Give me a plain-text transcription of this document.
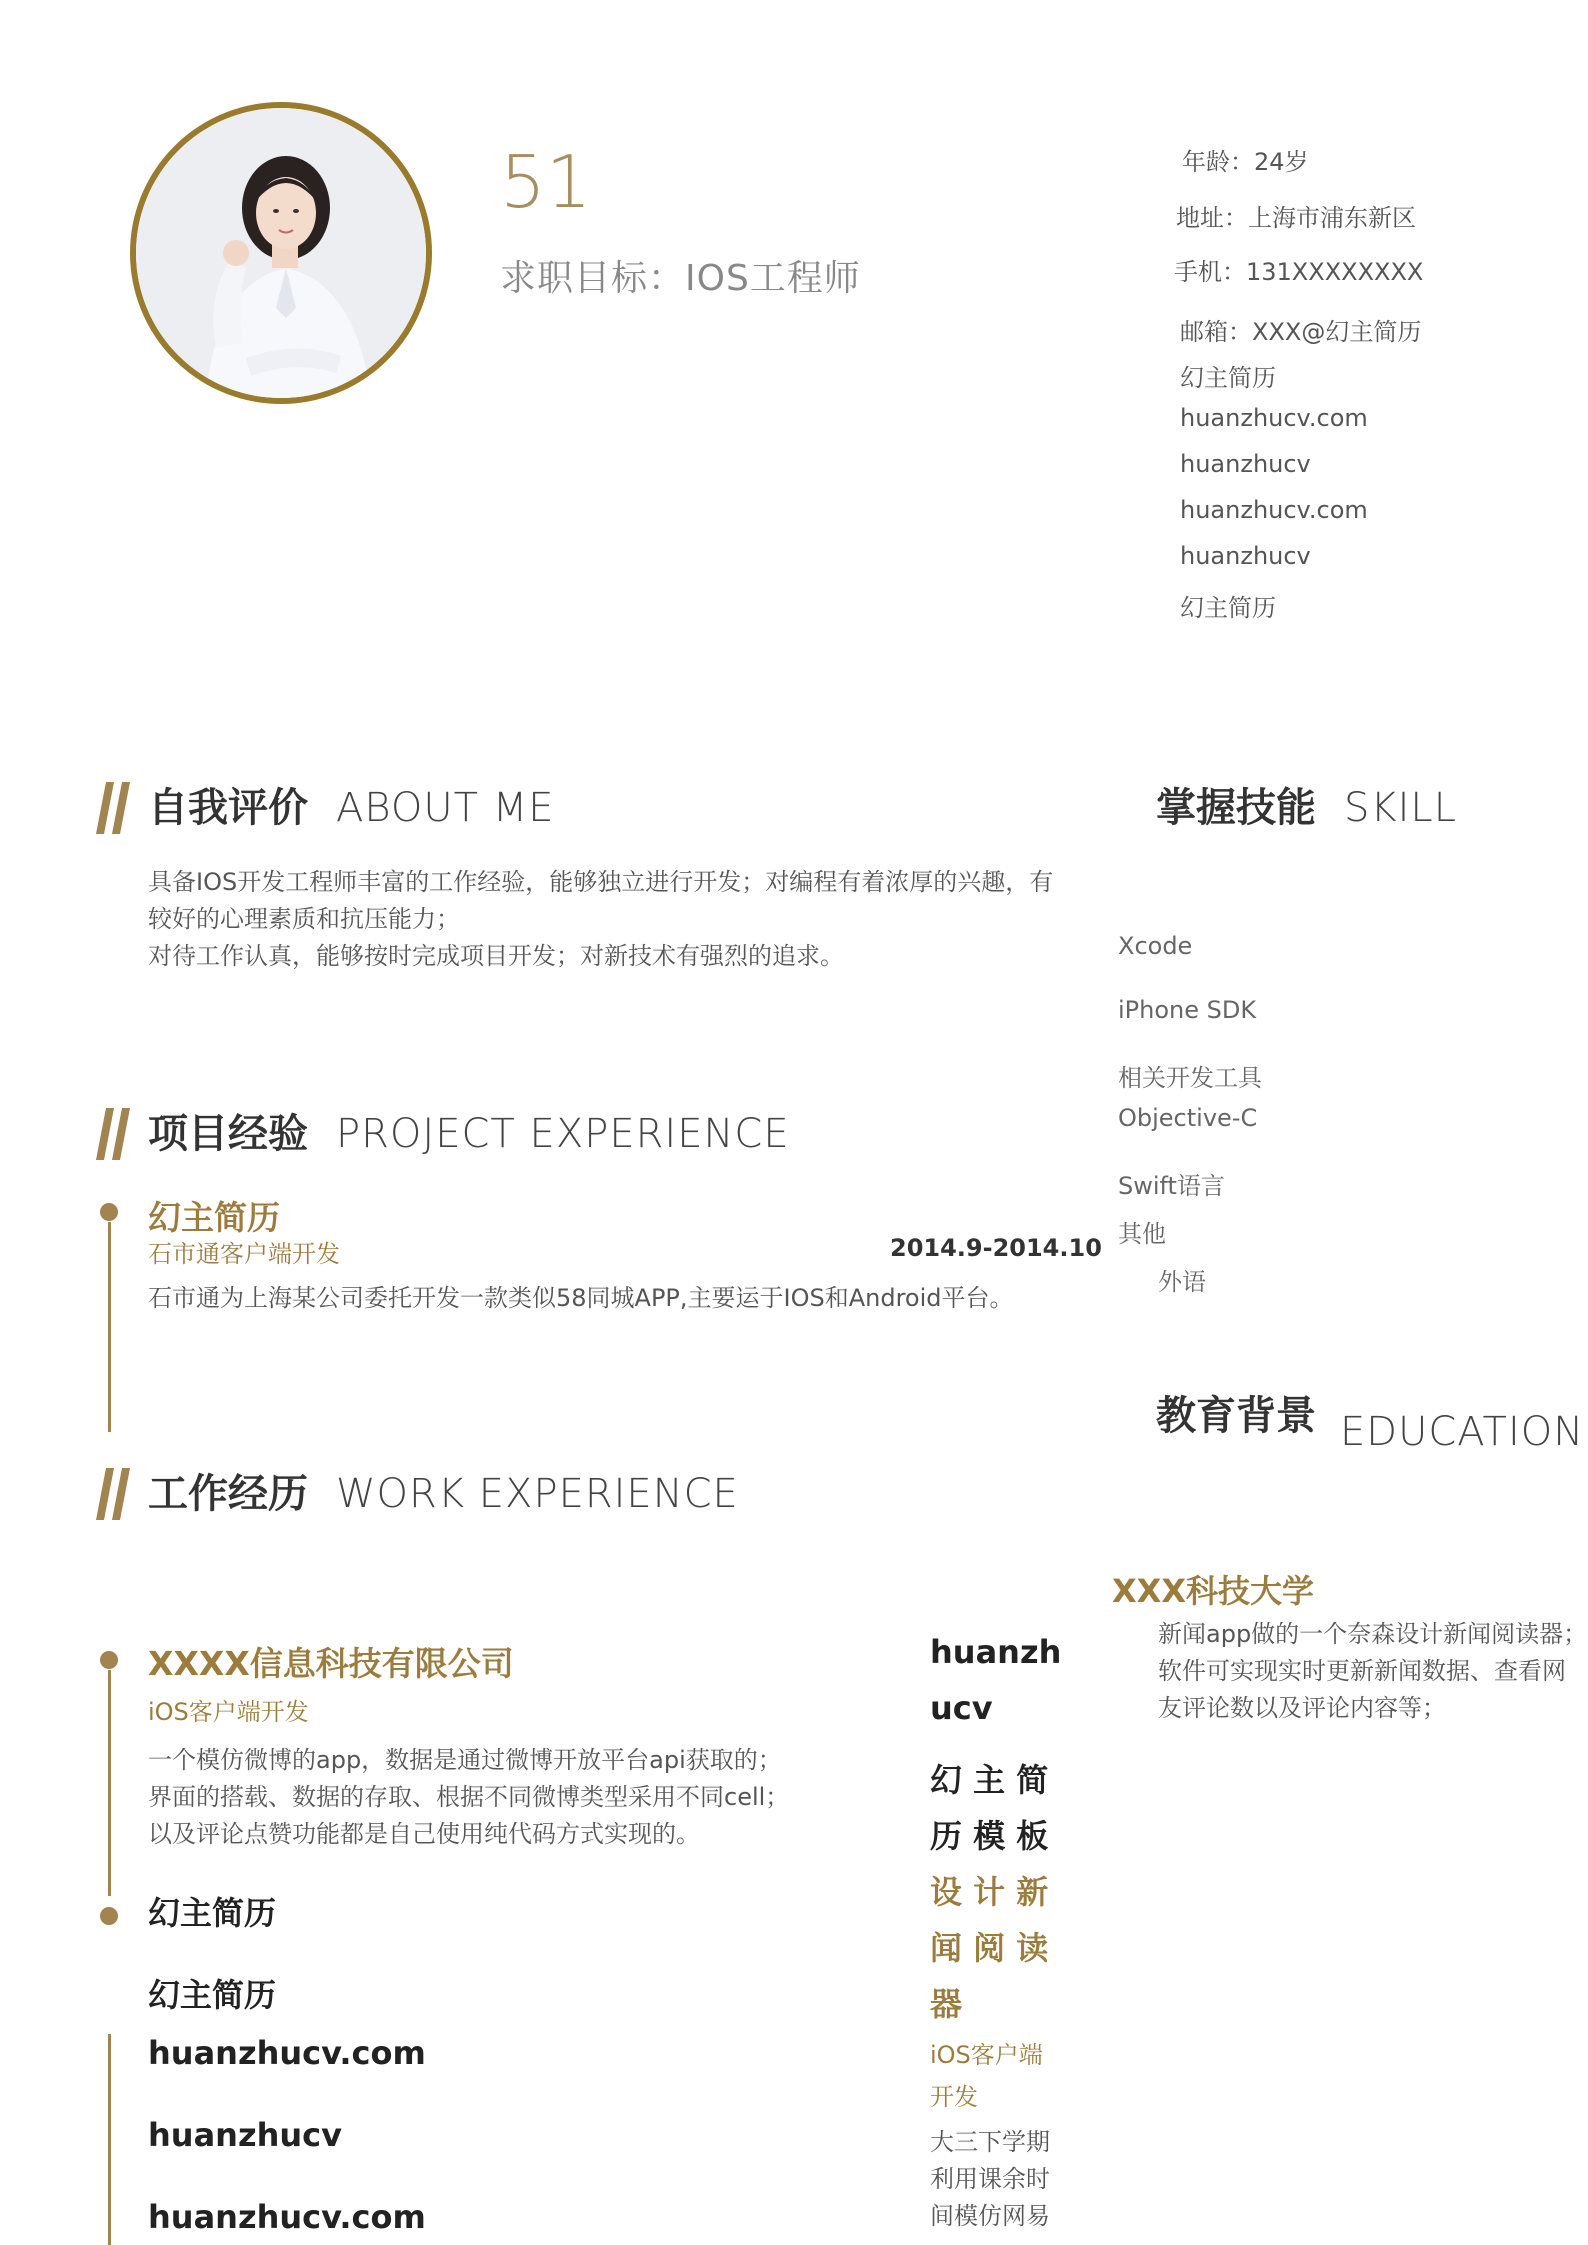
51
求职目标：IOS工程师
年龄：24岁
地址：上海市浦东新区
手机：131XXXXXXXX
邮箱：XXX@幻主简历
幻主简历
huanzhucv.com
huanzhucv
huanzhucv.com
huanzhucv
幻主简历
自我评价 ABOUT ME
具备IOS开发工程师丰富的工作经验，能够独立进行开发；对编程有着浓厚的兴趣，有
较好的心理素质和抗压能力；
对待工作认真，能够按时完成项目开发；对新技术有强烈的追求。
项目经验 PROJECT EXPERIENCE
幻主简历
石市通客户端开发	2014.9-2014.10
石市通为上海某公司委托开发一款类似58同城APP,主要运于IOS和Android平台。
工作经历 WORK EXPERIENCE
XXXX信息科技有限公司
iOS客户端开发
一个模仿微博的app，数据是通过微博开放平台api获取的；
界面的搭载、数据的存取、根据不同微博类型采用不同cell；
以及评论点赞功能都是自己使用纯代码方式实现的。
幻主简历
幻主简历
huanzhucv.com
huanzhucv
huanzhucv.com
huanzh
ucv
幻 主 简
历 模 板
设 计 新
闻 阅 读
器
iOS客户端
开发
大三下学期
利用课余时
间模仿网易
掌握技能 SKILL
Xcode
iPhone SDK
相关开发工具
Objective-C
Swift语言
其他
外语
教育背景 EDUCATION
XXX科技大学
新闻app做的一个奈森设计新闻阅读器；
软件可实现实时更新新闻数据、查看网
友评论数以及评论内容等；
